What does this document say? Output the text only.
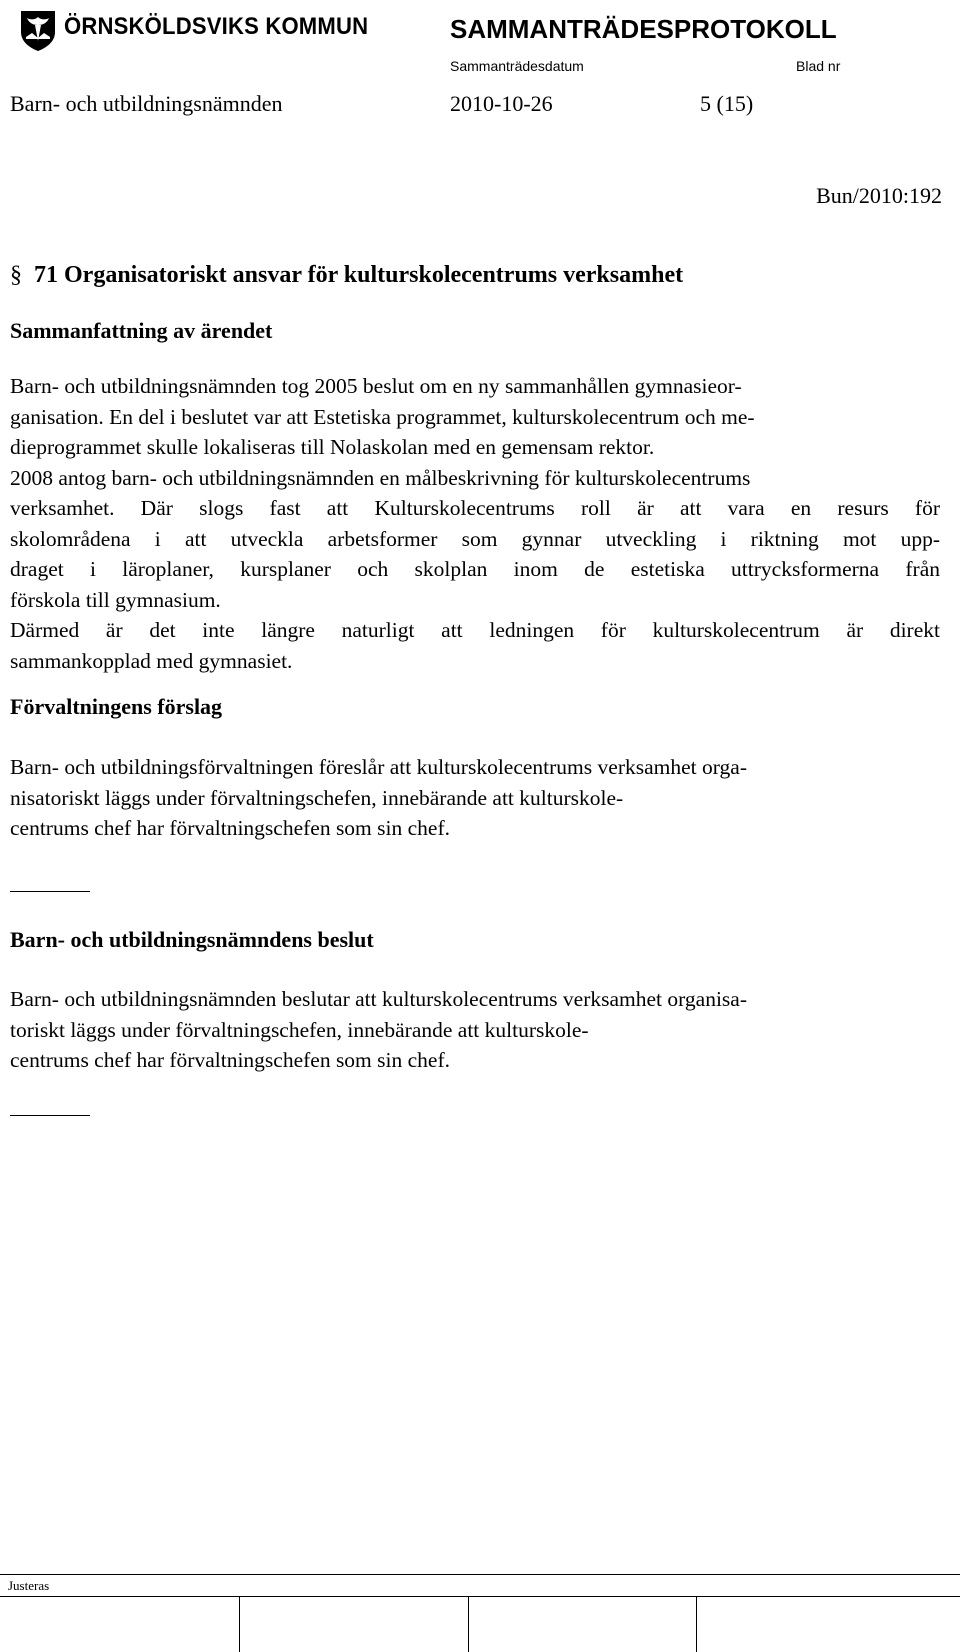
ÖRNSKÖLDSVIKS KOMMUN	SAMMANTRÄDESPROTOKOLL
Sammanträdesdatum	Blad nr
Barn- och utbildningsnämnden	2010-10-26	5 (15)
Bun/2010:192
§ 71 Organisatoriskt ansvar för kulturskolecentrums verksamhet
Sammanfattning av ärendet
Barn- och utbildningsnämnden tog 2005 beslut om en ny sammanhållen gymnasieor-
ganisation. En del i beslutet var att Estetiska programmet, kulturskolecentrum och me-
dieprogrammet skulle lokaliseras till Nolaskolan med en gemensam rektor.
2008 antog barn- och utbildningsnämnden en målbeskrivning för kulturskolecentrums
verksamhet. Där slogs fast att Kulturskolecentrums roll är att vara en resurs för
skolområdena i att utveckla arbetsformer som gynnar utveckling i riktning mot upp-
draget i läroplaner, kursplaner och skolplan inom de estetiska uttrycksformerna från
förskola till gymnasium.
Därmed är det inte längre naturligt att ledningen för kulturskolecentrum är direkt
sammankopplad med gymnasiet.
Förvaltningens förslag
Barn- och utbildningsförvaltningen föreslår att kulturskolecentrums verksamhet orga-
nisatoriskt läggs under förvaltningschefen, innebärande att kulturskole-
centrums chef har förvaltningschefen som sin chef.
Barn- och utbildningsnämndens beslut
Barn- och utbildningsnämnden beslutar att kulturskolecentrums verksamhet organisa-
toriskt läggs under förvaltningschefen, innebärande att kulturskole-
centrums chef har förvaltningschefen som sin chef.
Justeras
